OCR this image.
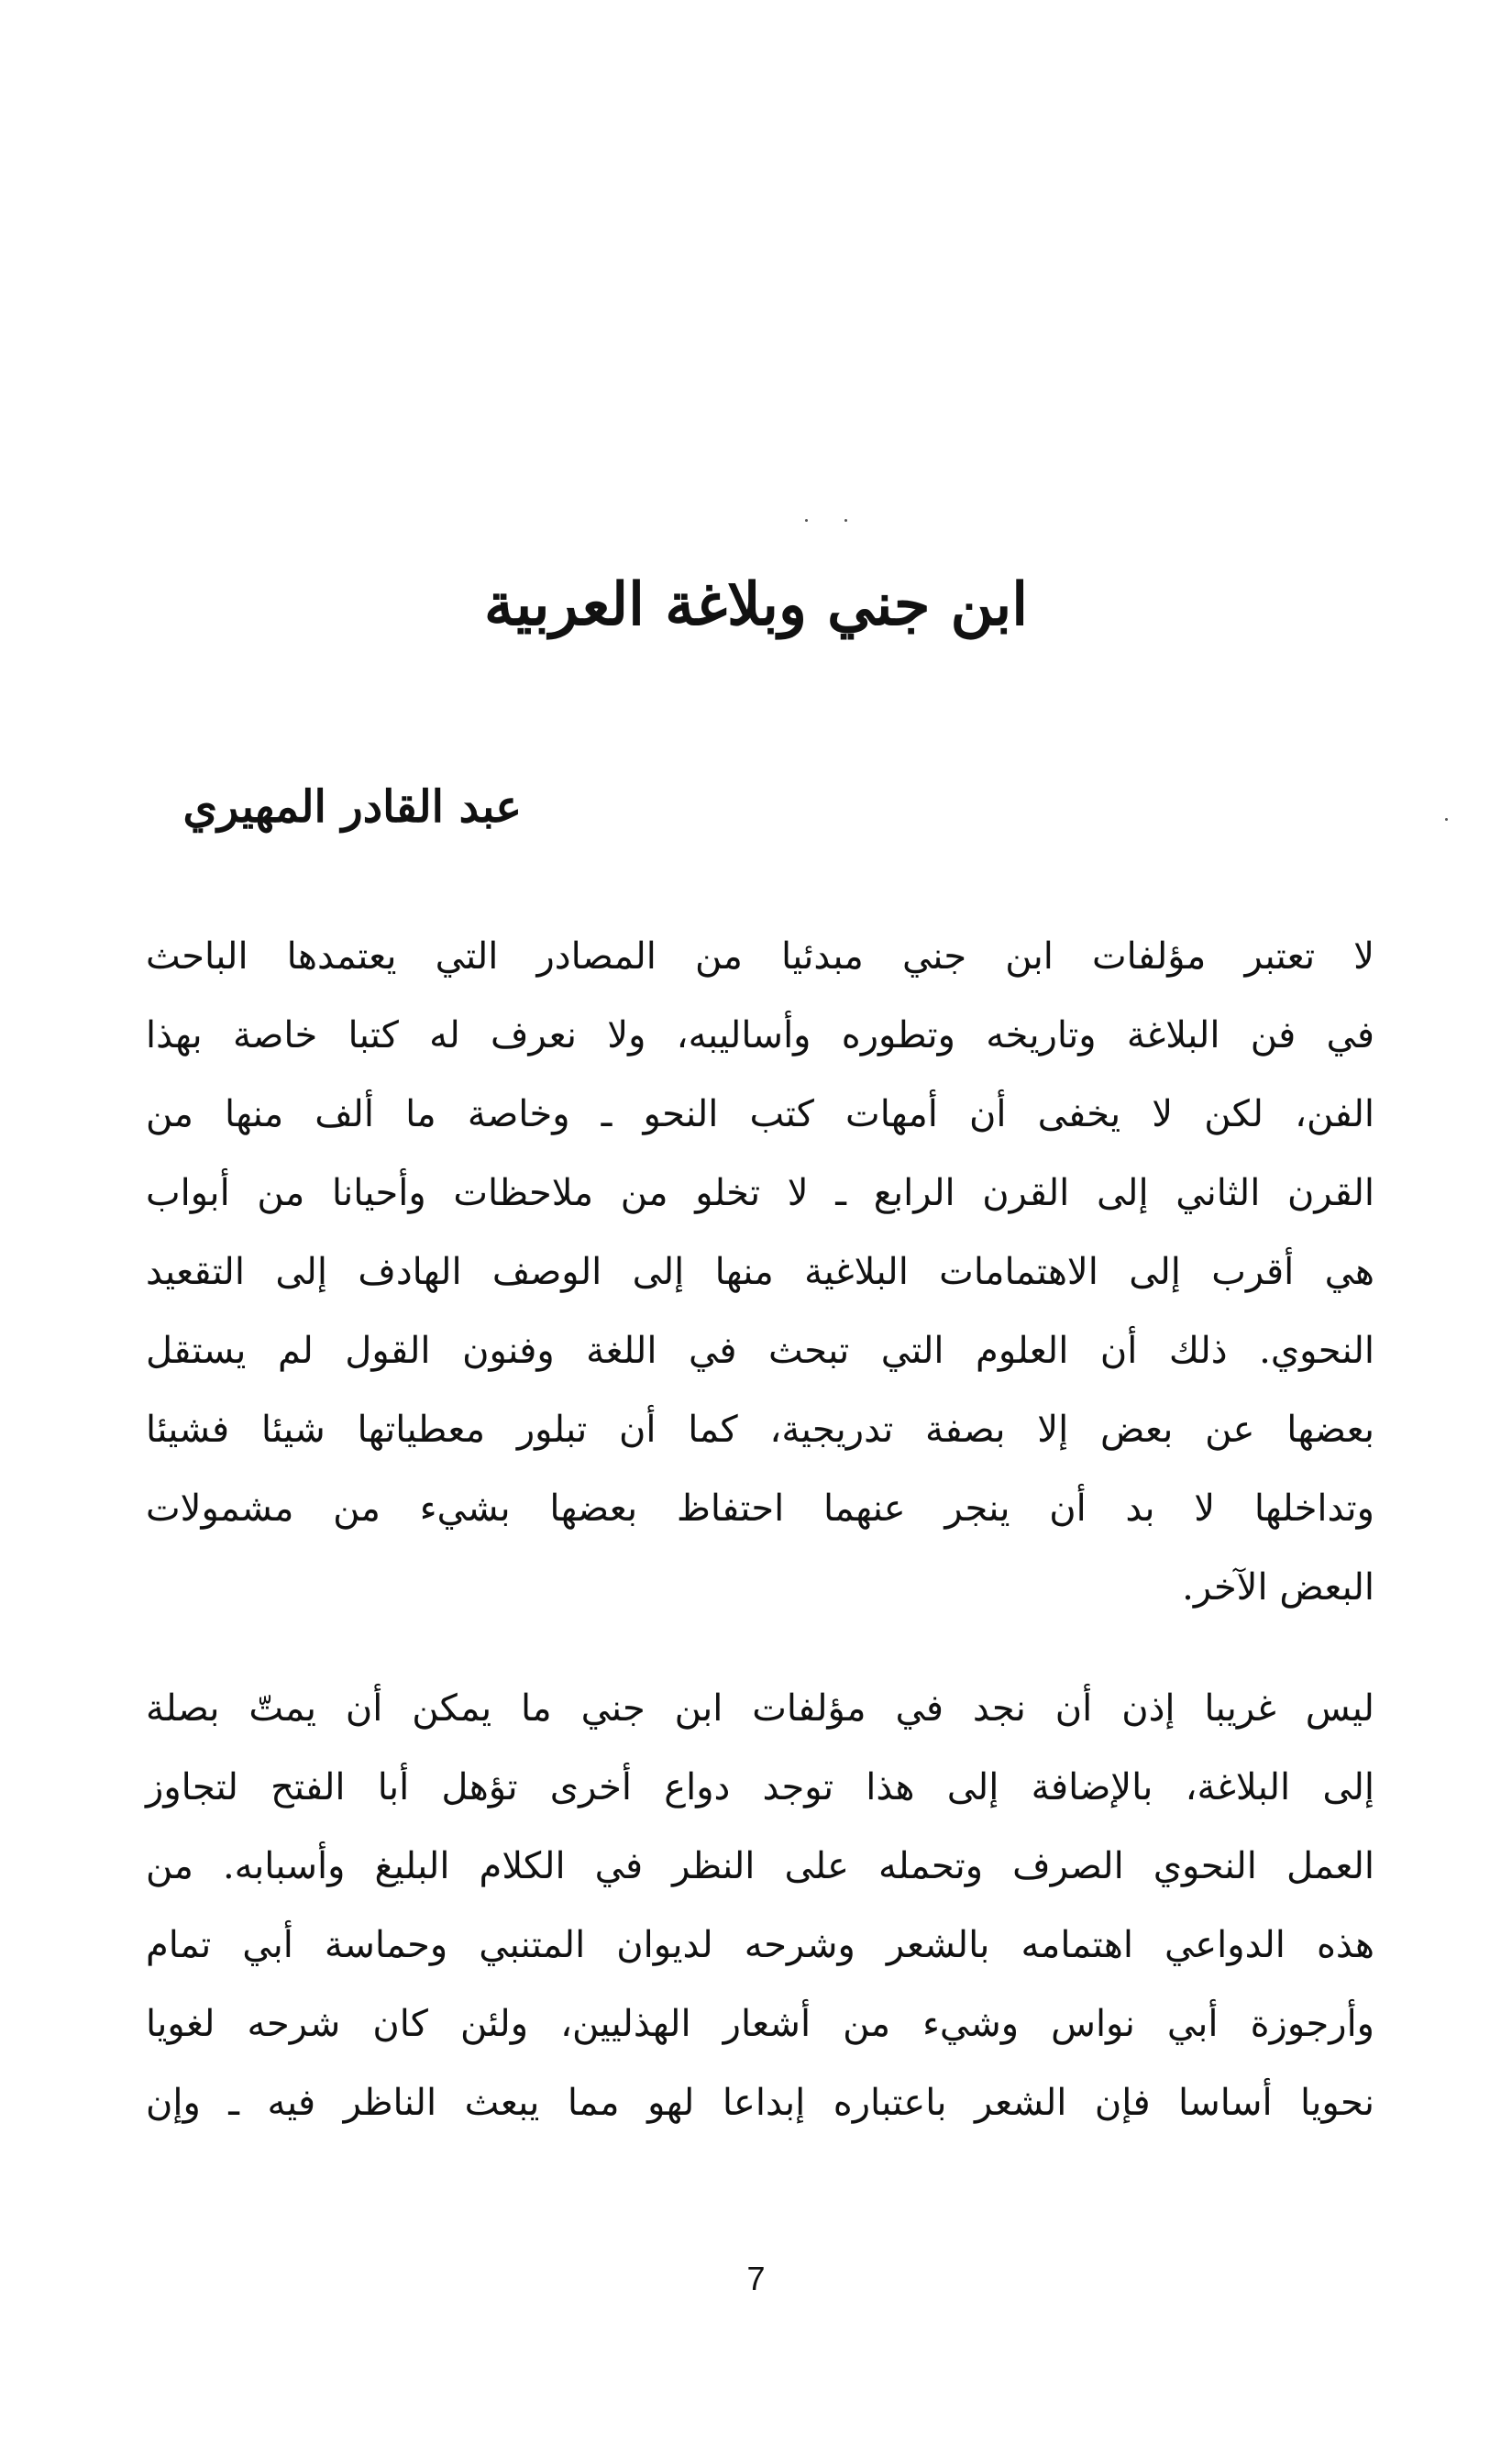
ابن جني وبلاغة العربية
عبد القادر المهيري
لا تعتبر مؤلفات ابن جني مبدئيا من المصادر التي يعتمدها الباحث
في فن البلاغة وتاريخه وتطوره وأساليبه، ولا نعرف له كتبا خاصة بهذا
الفن، لكن لا يخفى أن أمهات كتب النحو ـ وخاصة ما ألف منها من
القرن الثاني إلى القرن الرابع ـ لا تخلو من ملاحظات وأحيانا من أبواب
هي أقرب إلى الاهتمامات البلاغية منها إلى الوصف الهادف إلى التقعيد
النحوي. ذلك أن العلوم التي تبحث في اللغة وفنون القول لم يستقل
بعضها عن بعض إلا بصفة تدريجية، كما أن تبلور معطياتها شيئا فشيئا
وتداخلها لا بد أن ينجر عنهما احتفاظ بعضها بشيء من مشمولات
البعض الآخر.
ليس غريبا إذن أن نجد في مؤلفات ابن جني ما يمكن أن يمتّ بصلة
إلى البلاغة، بالإضافة إلى هذا توجد دواع أخرى تؤهل أبا الفتح لتجاوز
العمل النحوي الصرف وتحمله على النظر في الكلام البليغ وأسبابه. من
هذه الدواعي اهتمامه بالشعر وشرحه لديوان المتنبي وحماسة أبي تمام
وأرجوزة أبي نواس وشيء من أشعار الهذليين، ولئن كان شرحه لغويا
نحويا أساسا فإن الشعر باعتباره إبداعا لهو مما يبعث الناظر فيه ـ وإن
7
